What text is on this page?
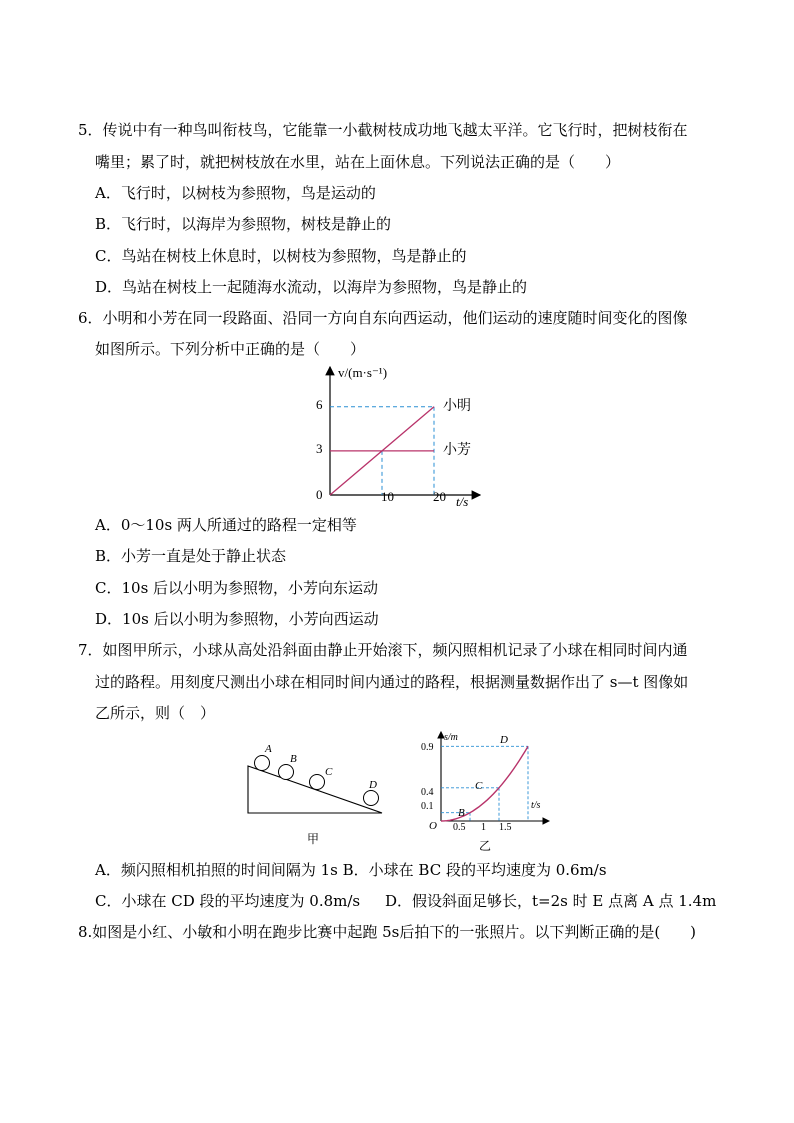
5．传说中有一种鸟叫衔枝鸟，它能靠一小截树枝成功地飞越太平洋。它飞行时，把树枝衔在
嘴里；累了时，就把树枝放在水里，站在上面休息。下列说法正确的是（　　）
A．飞行时，以树枝为参照物，鸟是运动的
B．飞行时，以海岸为参照物，树枝是静止的
C．鸟站在树枝上休息时，以树枝为参照物，鸟是静止的
D．鸟站在树枝上一起随海水流动，以海岸为参照物，鸟是静止的
6．小明和小芳在同一段路面、沿同一方向自东向西运动，他们运动的速度随时间变化的图像
如图所示。下列分析中正确的是（　　）
v/(m·s⁻¹)
0
6
3
10	20 t/s
小明
小芳
A．0～10s 两人所通过的路程一定相等
B．小芳一直是处于静止状态
C．10s 后以小明为参照物，小芳向东运动
D．10s 后以小明为参照物，小芳向西运动
7．如图甲所示，小球从高处沿斜面由静止开始滚下，频闪照相机记录了小球在相同时间内通
过的路程。用刻度尺测出小球在相同时间内通过的路程，根据测量数据作出了 s—t 图像如
乙所示，则（　）
A
B
C
D
甲
s/m
t/s
O
0.9
0.4
0.1
0.5 1 1.5
B
C
D
乙
A．频闪照相机拍照的时间间隔为 1s B．小球在 BC 段的平均速度为 0.6m/s
C．小球在 CD 段的平均速度为 0.8m/s D．假设斜面足够长，t=2s 时 E 点离 A 点 1.4m
8.如图是小红、小敏和小明在跑步比赛中起跑 5s后拍下的一张照片。以下判断正确的是(　　)
